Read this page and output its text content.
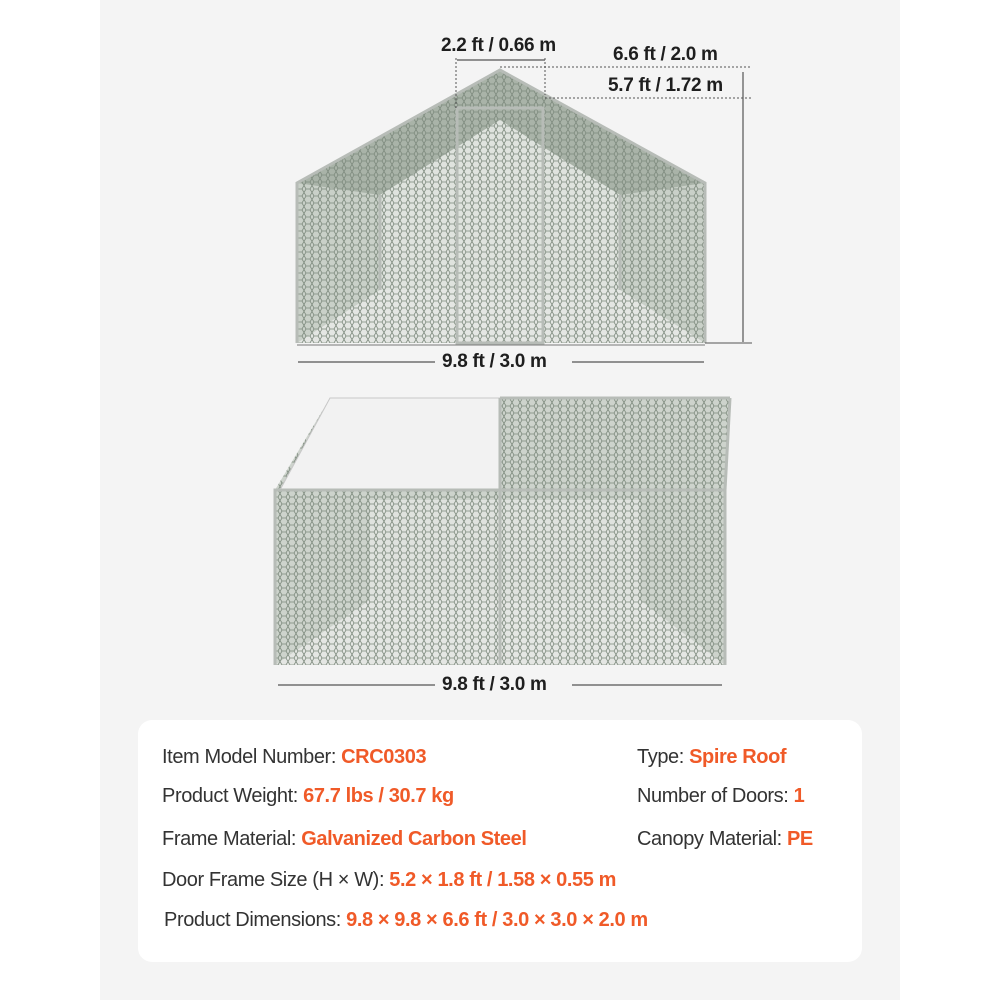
2.2 ft / 0.66 m	6.6 ft / 2.0 m
5.7 ft / 1.72 m
9.8 ft / 3.0 m
9.8 ft / 3.0 m
Item Model Number: CRC0303	Type: Spire Roof
Product Weight: 67.7 lbs / 30.7 kg	Number of Doors: 1
Frame Material: Galvanized Carbon Steel	Canopy Material: PE
Door Frame Size (H × W): 5.2 × 1.8 ft / 1.58 × 0.55 m
Product Dimensions: 9.8 × 9.8 × 6.6 ft / 3.0 × 3.0 × 2.0 m
